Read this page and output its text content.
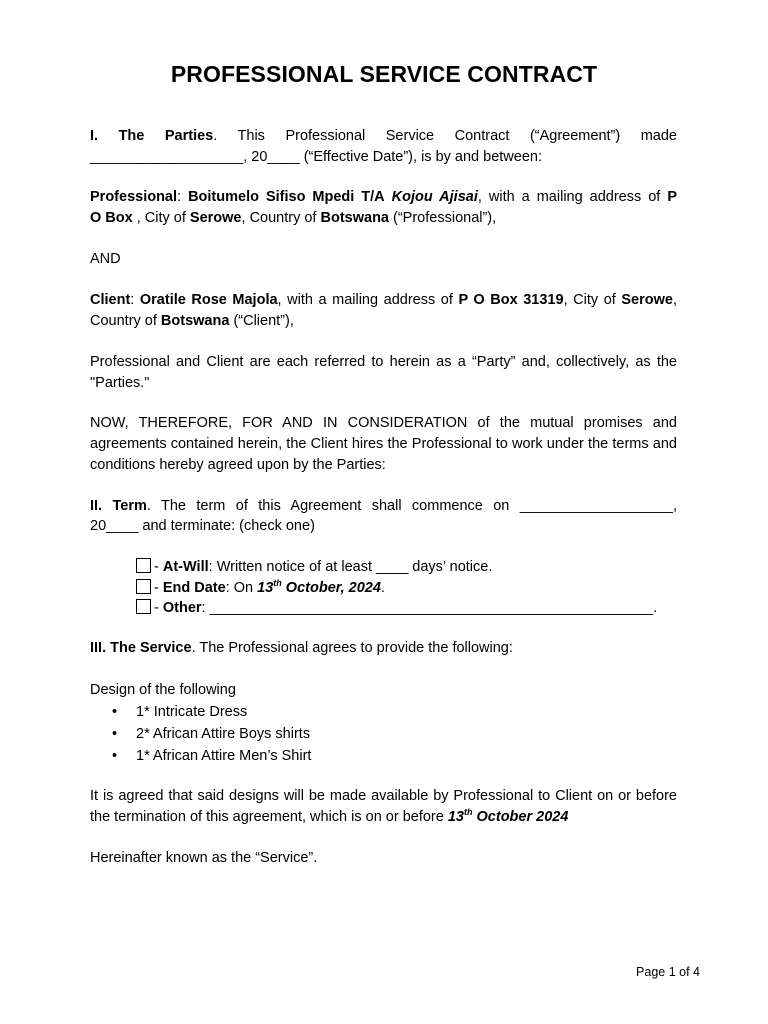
PROFESSIONAL SERVICE CONTRACT

I. The Parties. This Professional Service Contract (“Agreement”) made

___________________, 20____ (“Effective Date”), is by and between:

Professional: Boitumelo Sifiso Mpedi T/A Kojou Ajisai, with a mailing address of P

O Box , City of Serowe, Country of Botswana (“Professional”),

AND

Client: Oratile Rose Majola, with a mailing address of P O Box 31319, City of Serowe, Country of Botswana (“Client”),

Professional and Client are each referred to herein as a “Party” and, collectively, as the "Parties."

NOW, THEREFORE, FOR AND IN CONSIDERATION of the mutual promises and agreements contained herein, the Client hires the Professional to work under the terms and conditions hereby agreed upon by the Parties:

II. Term. The term of this Agreement shall commence on ___________________,

20____ and terminate: (check one)

- At-Will: Written notice of at least ____ days’ notice.
- End Date: On 13th October, 2024.
- Other: _______________________________________________________.

III. The Service. The Professional agrees to provide the following:

Design of the following

• 1* Intricate Dress
• 2* African Attire Boys shirts
• 1* African Attire Men’s Shirt

It is agreed that said designs will be made available by Professional to Client on or before the termination of this agreement, which is on or before 13th October 2024

Hereinafter known as the “Service”.

Page 1 of 4
